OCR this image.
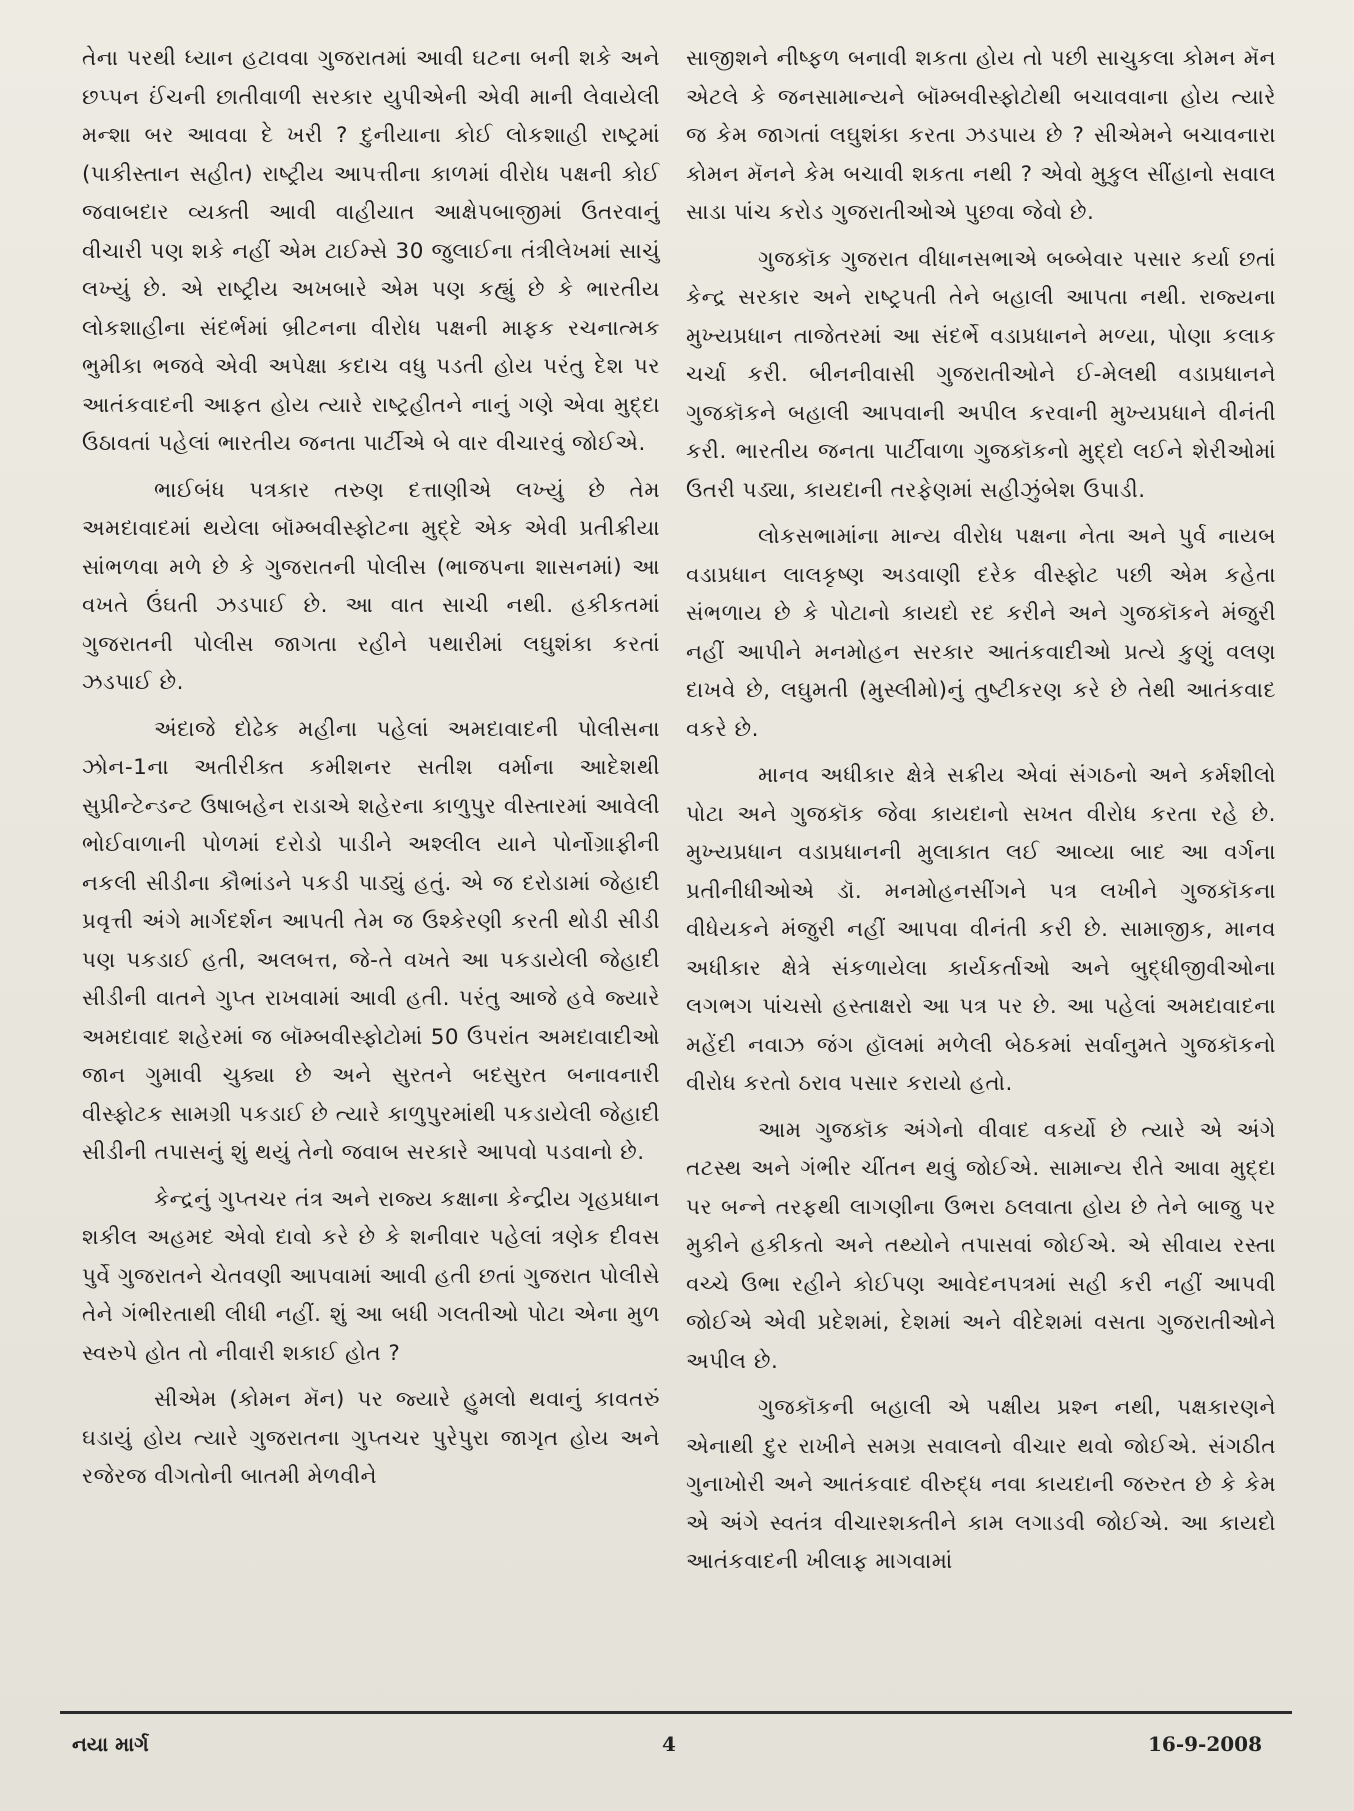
તેના પરથી ધ્યાન હટાવવા ગુજરાતમાં આવી ઘટના બની શકે અને છપ્પન ઈંચની છાતીવાળી સરકાર યુપીએની એવી માની લેવાયેલી મન્શા બર આવવા દે ખરી ? દુનીયાના કોઈ લોકશાહી રાષ્ટ્રમાં (પાકીસ્તાન સહીત) રાષ્ટ્રીય આપત્તીના કાળમાં વીરોધ પક્ષની કોઈ જવાબદાર વ્યક્તી આવી વાહીયાત આક્ષેપબાજીમાં ઉતરવાનું વીચારી પણ શકે નહીં એમ ટાઈમ્સે 30 જુલાઈના તંત્રીલેખમાં સાચું લખ્યું છે. એ રાષ્ટ્રીય અખબારે એમ પણ કહ્યું છે કે ભારતીય લોકશાહીના સંદર્ભમાં બ્રીટનના વીરોધ પક્ષની માફક રચનાત્મક ભુમીકા ભજવે એવી અપેક્ષા કદાચ વધુ પડતી હોય પરંતુ દેશ પર આતંકવાદની આફત હોય ત્યારે રાષ્ટ્રહીતને નાનું ગણે એવા મુદ્દા ઉઠાવતાં પહેલાં ભારતીય જનતા પાર્ટીએ બે વાર વીચારવું જોઈએ.

ભાઈબંધ પત્રકાર તરુણ દત્તાણીએ લખ્યું છે તેમ અમદાવાદમાં થયેલા બૉમ્બવીસ્ફોટના મુદ્દે એક એવી પ્રતીક્રીયા સાંભળવા મળે છે કે ગુજરાતની પોલીસ (ભાજપના શાસનમાં) આ વખતે ઉંઘતી ઝડપાઈ છે. આ વાત સાચી નથી. હકીકતમાં ગુજરાતની પોલીસ જાગતા રહીને પથારીમાં લઘુશંકા કરતાં ઝડપાઈ છે.

અંદાજે દોઢેક મહીના પહેલાં અમદાવાદની પોલીસના ઝોન-1ના અતીરીક્ત કમીશનર સતીશ વર્માના આદેશથી સુપ્રીન્ટેન્ડન્ટ ઉષાબહેન રાડાએ શહેરના કાળુપુર વીસ્તારમાં આવેલી ભોઈવાળાની પોળમાં દરોડો પાડીને અશ્લીલ યાને પોર્નોગ્રાફીની નકલી સીડીના કૌભાંડને પકડી પાડ્યું હતું. એ જ દરોડામાં જેહાદી પ્રવૃત્તી અંગે માર્ગદર્શન આપતી તેમ જ ઉશ્કેરણી કરતી થોડી સીડી પણ પકડાઈ હતી, અલબત્ત, જે-તે વખતે આ પકડાયેલી જેહાદી સીડીની વાતને ગુપ્ત રાખવામાં આવી હતી. પરંતુ આજે હવે જ્યારે અમદાવાદ શહેરમાં જ બૉમ્બવીસ્ફોટોમાં 50 ઉપરાંત અમદાવાદીઓ જાન ગુમાવી ચુક્યા છે અને સુરતને બદસુરત બનાવનારી વીસ્ફોટક સામગ્રી પકડાઈ છે ત્યારે કાળુપુરમાંથી પકડાયેલી જેહાદી સીડીની તપાસનું શું થયું તેનો જવાબ સરકારે આપવો પડવાનો છે.

કેન્દ્રનું ગુપ્તચર તંત્ર અને રાજ્ય કક્ષાના કેન્દ્રીય ગૃહપ્રધાન શકીલ અહમદ એવો દાવો કરે છે કે શનીવાર પહેલાં ત્રણેક દીવસ પુર્વે ગુજરાતને ચેતવણી આપવામાં આવી હતી છતાં ગુજરાત પોલીસે તેને ગંભીરતાથી લીધી નહીં. શું આ બધી ગલતીઓ પોટા એના મુળ સ્વરુપે હોત તો નીવારી શકાઈ હોત ?

સીએમ (કોમન મૅન) પર જ્યારે હુમલો થવાનું કાવતરું ઘડાયું હોય ત્યારે ગુજરાતના ગુપ્તચર પુરેપુરા જાગૃત હોય અને રજેરજ વીગતોની બાતમી મેળવીને

સાજીશને નીષ્ફળ બનાવી શકતા હોય તો પછી સાચુકલા કોમન મૅન એટલે કે જનસામાન્યને બૉમ્બવીસ્ફોટોથી બચાવવાના હોય ત્યારે જ કેમ જાગતાં લઘુશંકા કરતા ઝડપાય છે ? સીએમને બચાવનારા કોમન મૅનને કેમ બચાવી શકતા નથી ? એવો મુકુલ સીંહાનો સવાલ સાડા પાંચ કરોડ ગુજરાતીઓએ પુછવા જેવો છે.

ગુજકૉક ગુજરાત વીધાનસભાએ બબ્બેવાર પસાર કર્યા છતાં કેન્દ્ર સરકાર અને રાષ્ટ્રપતી તેને બહાલી આપતા નથી. રાજ્યના મુખ્યપ્રધાન તાજેતરમાં આ સંદર્ભે વડાપ્રધાનને મળ્યા, પોણા કલાક ચર્ચા કરી. બીનનીવાસી ગુજરાતીઓને ઈ-મેલથી વડાપ્રધાનને ગુજકૉકને બહાલી આપવાની અપીલ કરવાની મુખ્યપ્રધાને વીનંતી કરી. ભારતીય જનતા પાર્ટીવાળા ગુજકૉકનો મુદ્દો લઈને શેરીઓમાં ઉતરી પડ્યા, કાયદાની તરફેણમાં સહીઝુંબેશ ઉપાડી.

લોકસભામાંના માન્ય વીરોધ પક્ષના નેતા અને પુર્વ નાયબ વડાપ્રધાન લાલકૃષ્ણ અડવાણી દરેક વીસ્ફોટ પછી એમ કહેતા સંભળાય છે કે પોટાનો કાયદો રદ કરીને અને ગુજકૉકને મંજુરી નહીં આપીને મનમોહન સરકાર આતંકવાદીઓ પ્રત્યે કુણું વલણ દાખવે છે, લઘુમતી (મુસ્લીમો)નું તુષ્ટીકરણ કરે છે તેથી આતંકવાદ વકરે છે.

માનવ અધીકાર ક્ષેત્રે સક્રીય એવાં સંગઠનો અને કર્મશીલો પોટા અને ગુજકૉક જેવા કાયદાનો સખત વીરોધ કરતા રહે છે. મુખ્યપ્રધાન વડાપ્રધાનની મુલાકાત લઈ આવ્યા બાદ આ વર્ગના પ્રતીનીધીઓએ ડૉ. મનમોહનસીંગને પત્ર લખીને ગુજકૉકના વીધેયકને મંજુરી નહીં આપવા વીનંતી કરી છે. સામાજીક, માનવ અધીકાર ક્ષેત્રે સંકળાયેલા કાર્યકર્તાઓ અને બુદ્ધીજીવીઓના લગભગ પાંચસો હસ્તાક્ષરો આ પત્ર પર છે. આ પહેલાં અમદાવાદના મહેંદી નવાઝ જંગ હૉલમાં મળેલી બેઠકમાં સર્વાનુમતે ગુજકૉકનો વીરોધ કરતો ઠરાવ પસાર કરાયો હતો.

આમ ગુજકૉક અંગેનો વીવાદ વકર્યો છે ત્યારે એ અંગે તટસ્થ અને ગંભીર ચીંતન થવું જોઈએ. સામાન્ય રીતે આવા મુદ્દા પર બન્ને તરફથી લાગણીના ઉભરા ઠલવાતા હોય છે તેને બાજુ પર મુકીને હકીકતો અને તથ્યોને તપાસવાં જોઈએ. એ સીવાય રસ્તા વચ્ચે ઉભા રહીને કોઈપણ આવેદનપત્રમાં સહી કરી નહીં આપવી જોઈએ એવી પ્રદેશમાં, દેશમાં અને વીદેશમાં વસતા ગુજરાતીઓને અપીલ છે.

ગુજકૉકની બહાલી એ પક્ષીય પ્રશ્ન નથી, પક્ષકારણને એનાથી દુર રાખીને સમગ્ર સવાલનો વીચાર થવો જોઈએ. સંગઠીત ગુનાખોરી અને આતંકવાદ વીરુદ્ધ નવા કાયદાની જરુરત છે કે કેમ એ અંગે સ્વતંત્ર વીચારશક્તીને કામ લગાડવી જોઈએ. આ કાયદો આતંકવાદની ખીલાફ માગવામાં

નયા માર્ગ	4	16-9-2008
